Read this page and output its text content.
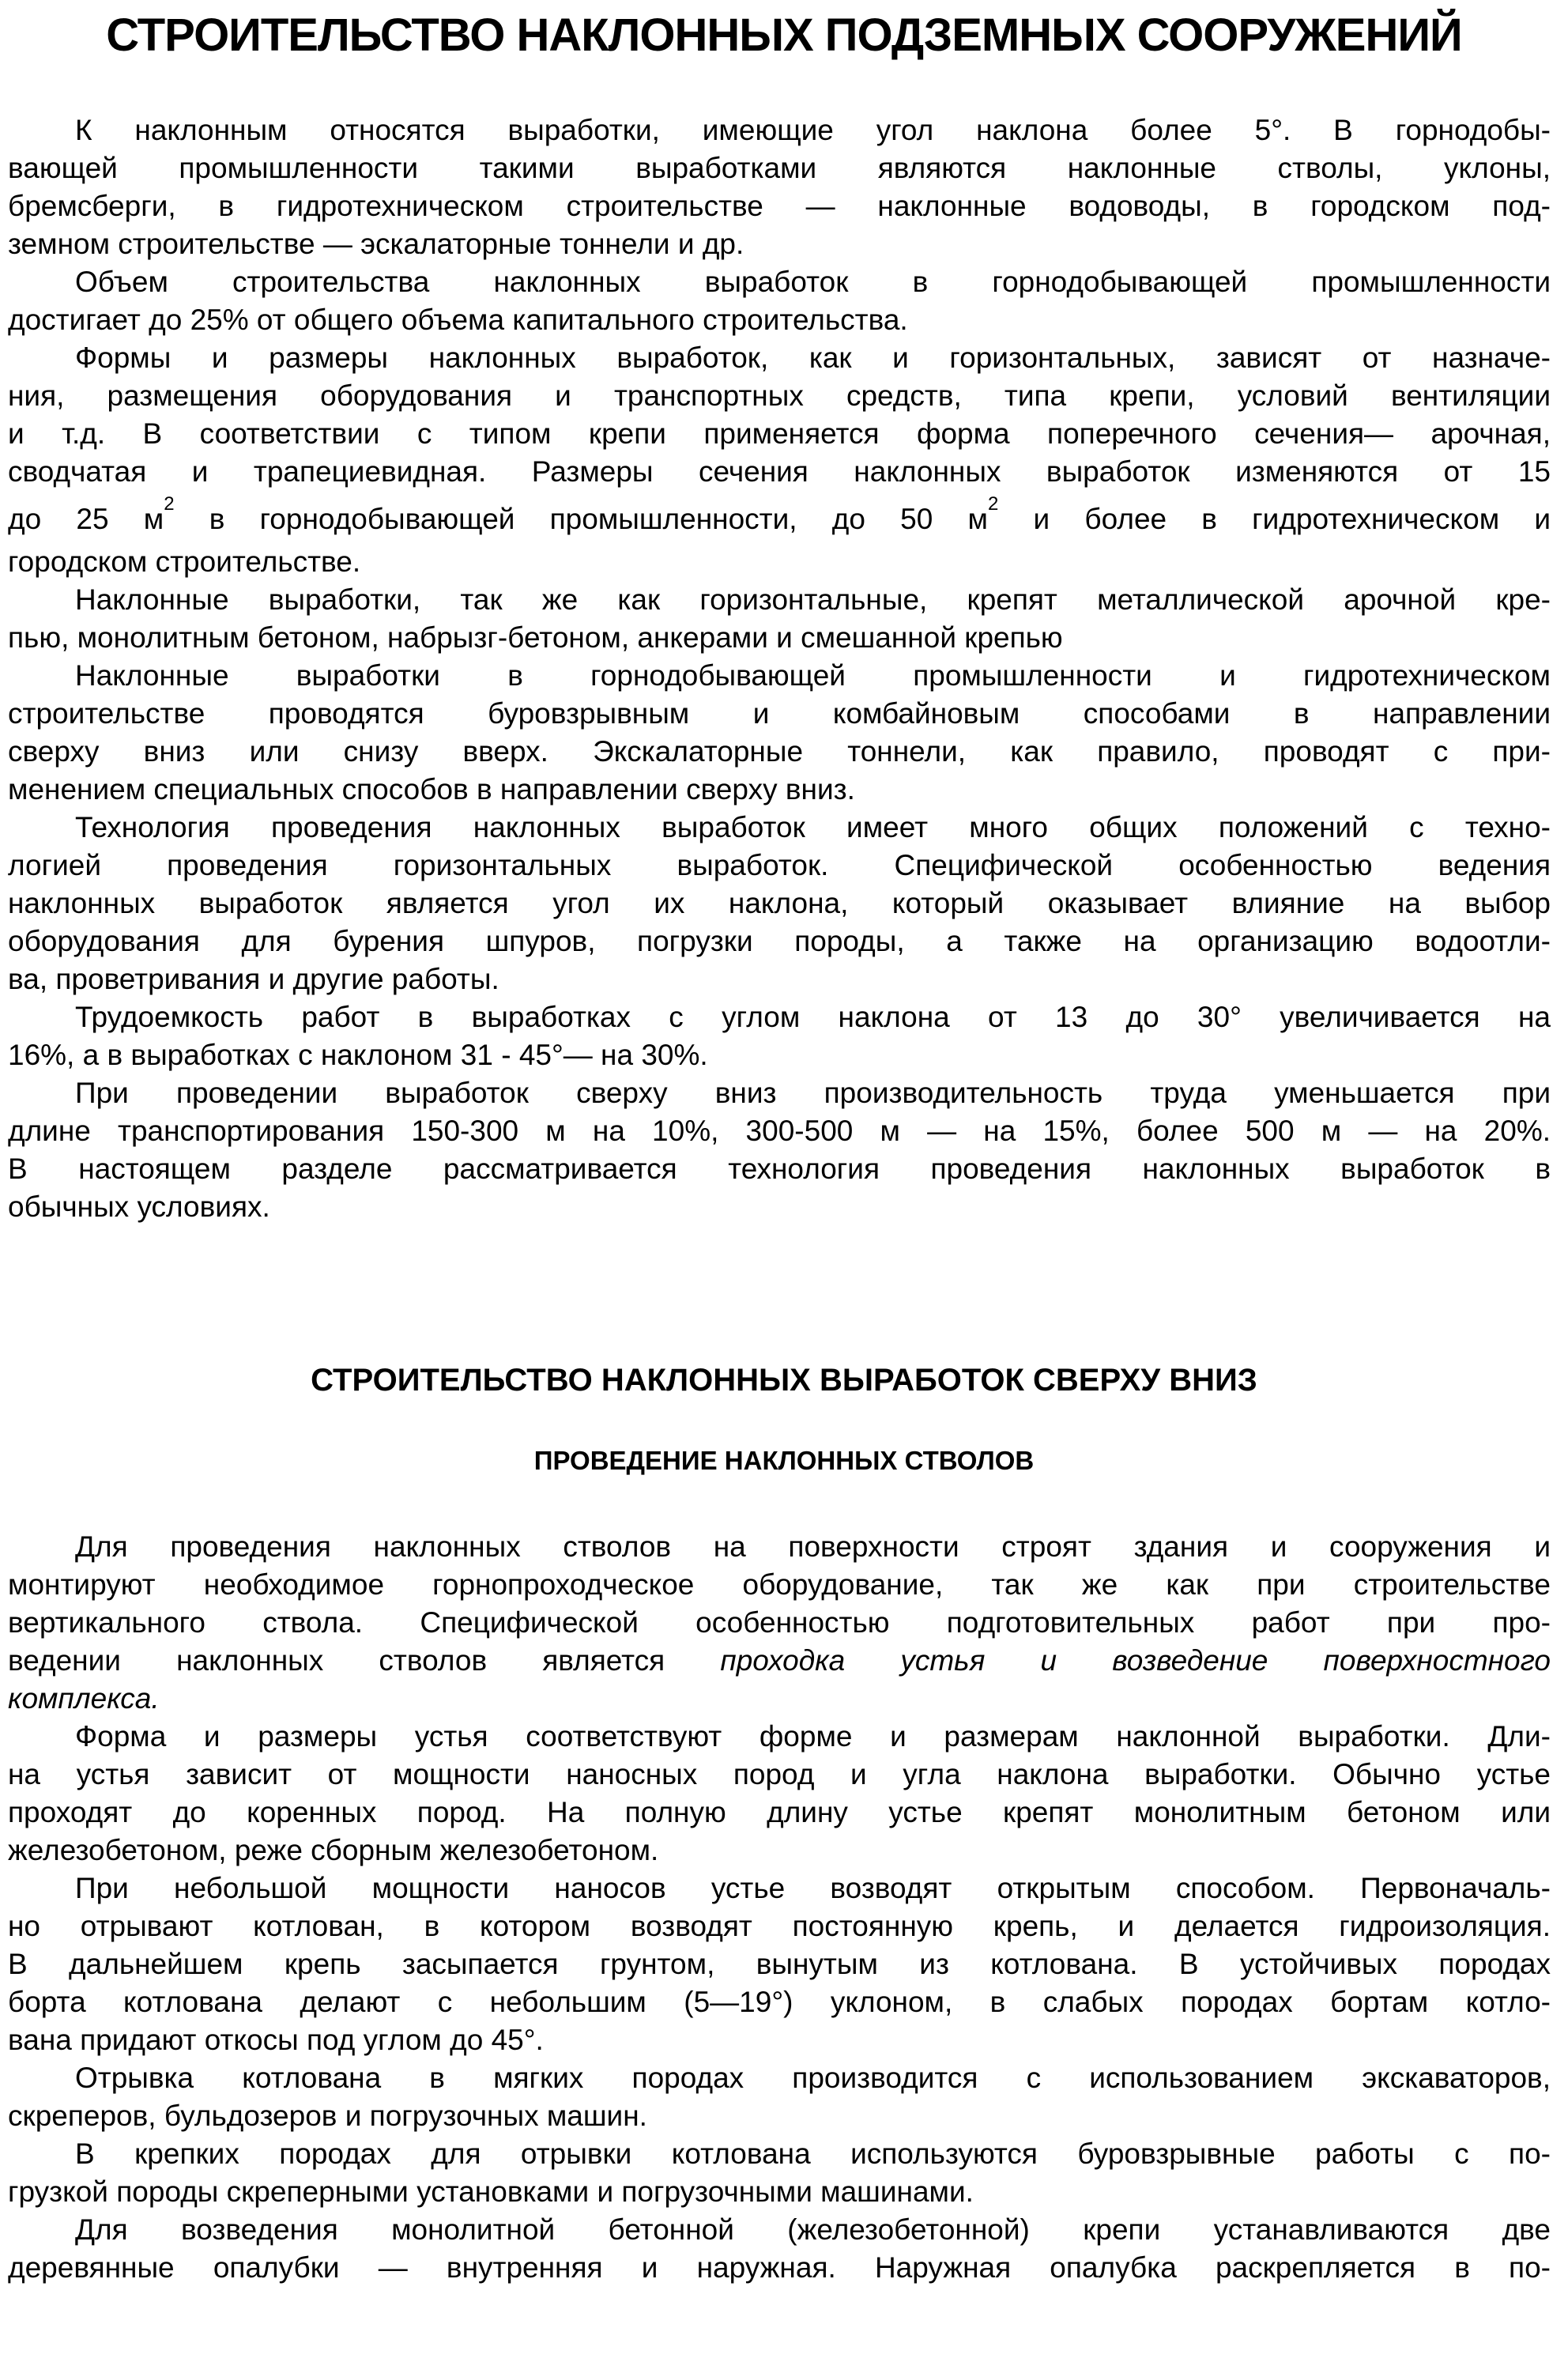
СТРОИТЕЛЬСТВО НАКЛОННЫХ ПОДЗЕМНЫХ СООРУЖЕНИЙ
К наклонным относятся выработки, имеющие угол наклона более 5°. В горнодобы-
вающей промышленности такими выработками являются наклонные стволы, уклоны,
бремсберги, в гидротехническом строительстве — наклонные водоводы, в городском под-
земном строительстве — эскалаторные тоннели и др.
Объем строительства наклонных выработок в горнодобывающей промышленности
достигает до 25% от общего объема капитального строительства.
Формы и размеры наклонных выработок, как и горизонтальных, зависят от назначе-
ния, размещения оборудования и транспортных средств, типа крепи, условий вентиляции
и т.д. В соответствии с типом крепи применяется форма поперечного сечения— арочная,
сводчатая и трапециевидная. Размеры сечения наклонных выработок изменяются от 15
до 25 $м^2$ в горнодобывающей промышленности, до 50 $м^2$ и более в гидротехническом и
городском строительстве.
Наклонные выработки, так же как горизонтальные, крепят металлической арочной кре-
пью, монолитным бетоном, набрызг-бетоном, анкерами и смешанной крепью
Наклонные выработки в горнодобывающей промышленности и гидротехническом
строительстве проводятся буровзрывным и комбайновым способами в направлении
сверху вниз или снизу вверх. Экскалаторные тоннели, как правило, проводят с при-
менением специальных способов в направлении сверху вниз.
Технология проведения наклонных выработок имеет много общих положений с техно-
логией проведения горизонтальных выработок. Специфической особенностью ведения
наклонных выработок является угол их наклона, который оказывает влияние на выбор
оборудования для бурения шпуров, погрузки породы, а также на организацию водоотли-
ва, проветривания и другие работы.
Трудоемкость работ в выработках с углом наклона от 13 до 30° увеличивается на
16%, а в выработках с наклоном 31 - 45°— на 30%.
При проведении выработок сверху вниз производительность труда уменьшается при
длине транспортирования 150-300 м на 10%, 300-500 м — на 15%, более 500 м — на 20%.
В настоящем разделе рассматривается технология проведения наклонных выработок в
обычных условиях.
СТРОИТЕЛЬСТВО НАКЛОННЫХ ВЫРАБОТОК СВЕРХУ ВНИЗ
ПРОВЕДЕНИЕ НАКЛОННЫХ СТВОЛОВ
Для проведения наклонных стволов на поверхности строят здания и сооружения и
монтируют необходимое горнопроходческое оборудование, так же как при строительстве
вертикального ствола. Специфической особенностью подготовительных работ при про-
ведении наклонных стволов является проходка устья и возведение поверхностного
комплекса.
Форма и размеры устья соответствуют форме и размерам наклонной выработки. Дли-
на устья зависит от мощности наносных пород и угла наклона выработки. Обычно устье
проходят до коренных пород. На полную длину устье крепят монолитным бетоном или
железобетоном, реже сборным железобетоном.
При небольшой мощности наносов устье возводят открытым способом. Первоначаль-
но отрывают котлован, в котором возводят постоянную крепь, и делается гидроизоляция.
В дальнейшем крепь засыпается грунтом, вынутым из котлована. В устойчивых породах
борта котлована делают с небольшим (5—19°) уклоном, в слабых породах бортам котло-
вана придают откосы под углом до 45°.
Отрывка котлована в мягких породах производится с использованием экскаваторов,
скреперов, бульдозеров и погрузочных машин.
В крепких породах для отрывки котлована используются буровзрывные работы с по-
грузкой породы скреперными установками и погрузочными машинами.
Для возведения монолитной бетонной (железобетонной) крепи устанавливаются две
деревянные опалубки — внутренняя и наружная. Наружная опалубка раскрепляется в по-
